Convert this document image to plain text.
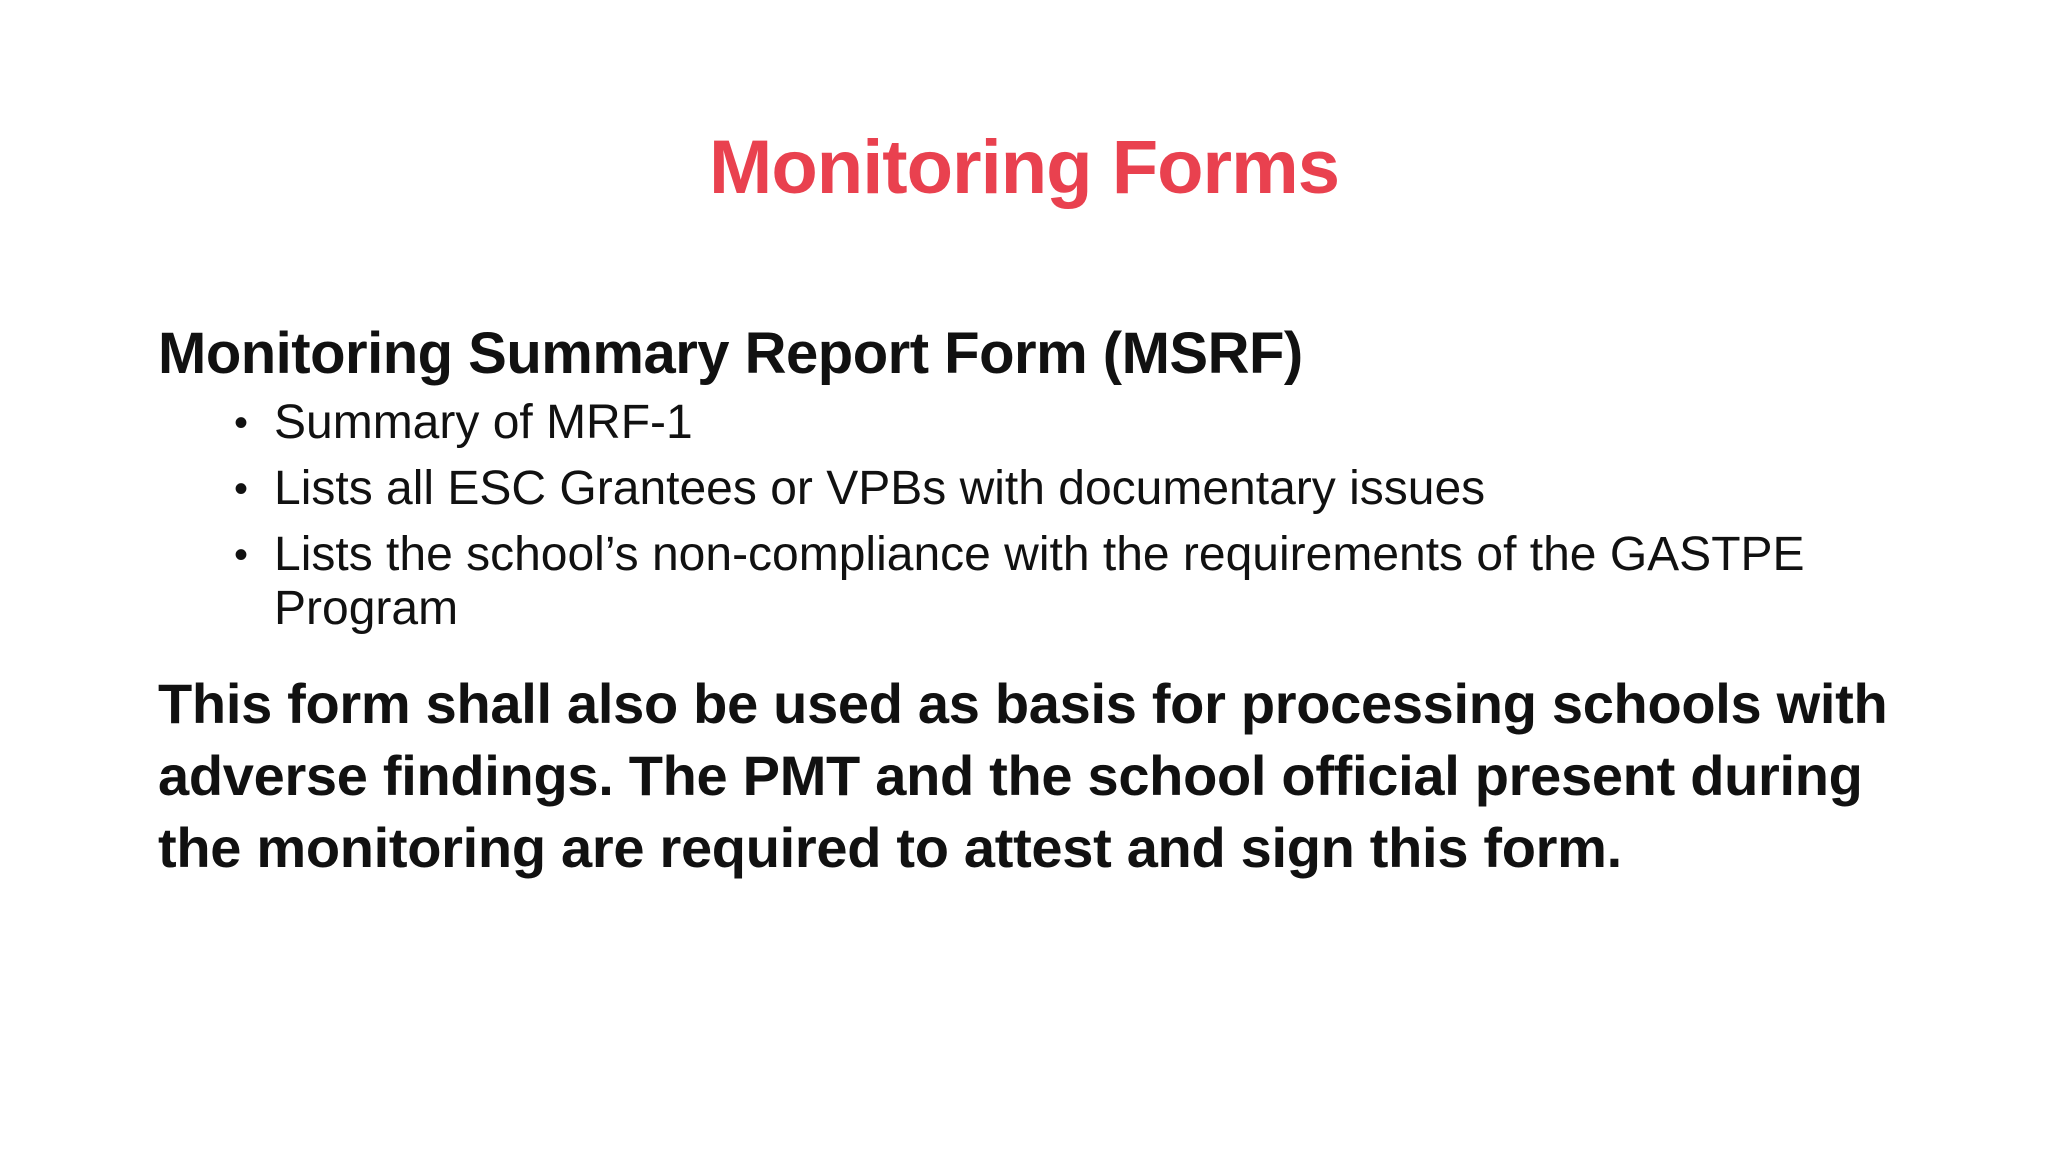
Monitoring Forms
Monitoring Summary Report Form (MSRF)
• Summary of MRF-1
• Lists all ESC Grantees or VPBs with documentary issues
• Lists the school’s non-compliance with the requirements of the GASTPE Program

This form shall also be used as basis for processing schools with adverse findings. The PMT and the school official present during the monitoring are required to attest and sign this form.
